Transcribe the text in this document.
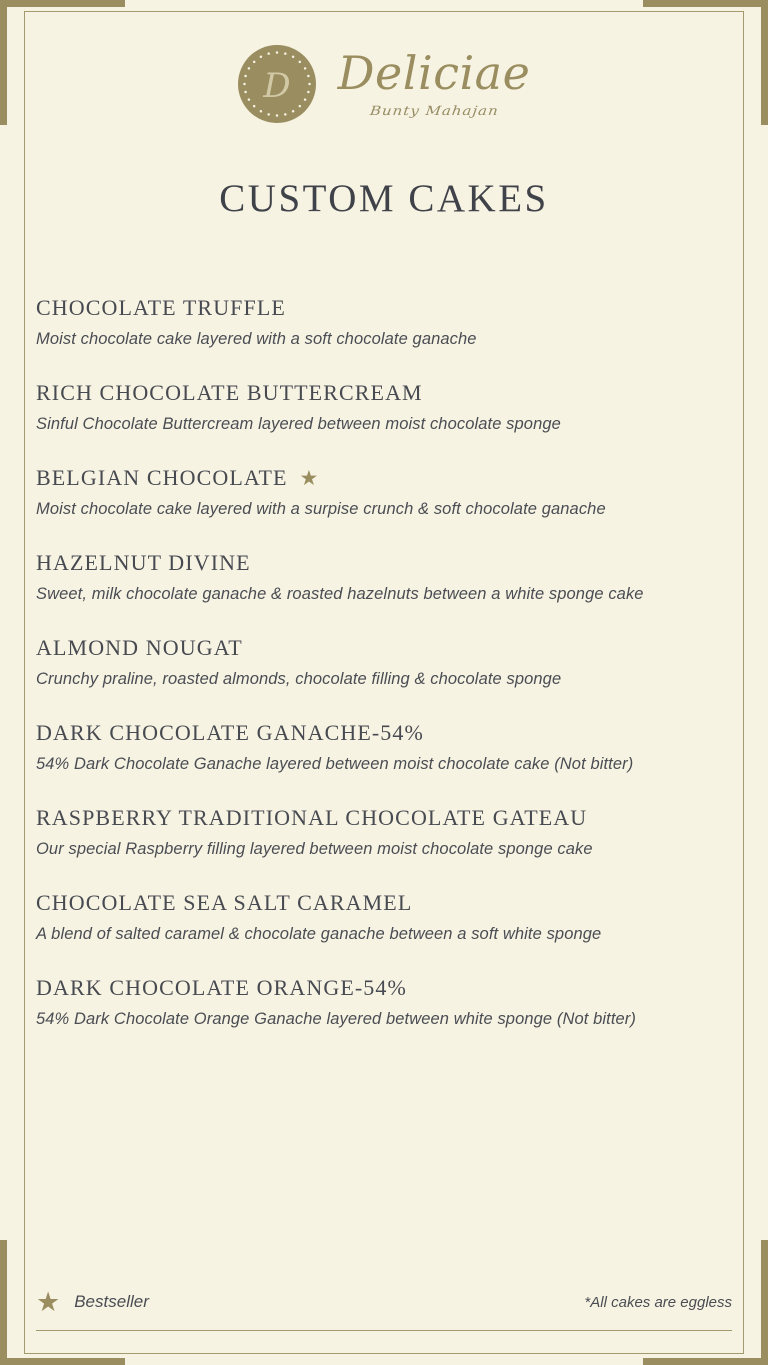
D Deliciae
Bunty Mahajan
CUSTOM CAKES
CHOCOLATE TRUFFLE
Moist chocolate cake layered with a soft chocolate ganache
RICH CHOCOLATE BUTTERCREAM
Sinful Chocolate Buttercream layered between moist chocolate sponge
BELGIAN CHOCOLATE ★
Moist chocolate cake layered with a surpise crunch & soft chocolate ganache
HAZELNUT DIVINE
Sweet, milk chocolate ganache & roasted hazelnuts between a white sponge cake
ALMOND NOUGAT
Crunchy praline, roasted almonds, chocolate filling & chocolate sponge
DARK CHOCOLATE GANACHE-54%
54% Dark Chocolate Ganache layered between moist chocolate cake (Not bitter)
RASPBERRY TRADITIONAL CHOCOLATE GATEAU
Our special Raspberry filling layered between moist chocolate sponge cake
CHOCOLATE SEA SALT CARAMEL
A blend of salted caramel & chocolate ganache between a soft white sponge
DARK CHOCOLATE ORANGE-54%
54% Dark Chocolate Orange Ganache layered between white sponge (Not bitter)
★ Bestseller	*All cakes are eggless
